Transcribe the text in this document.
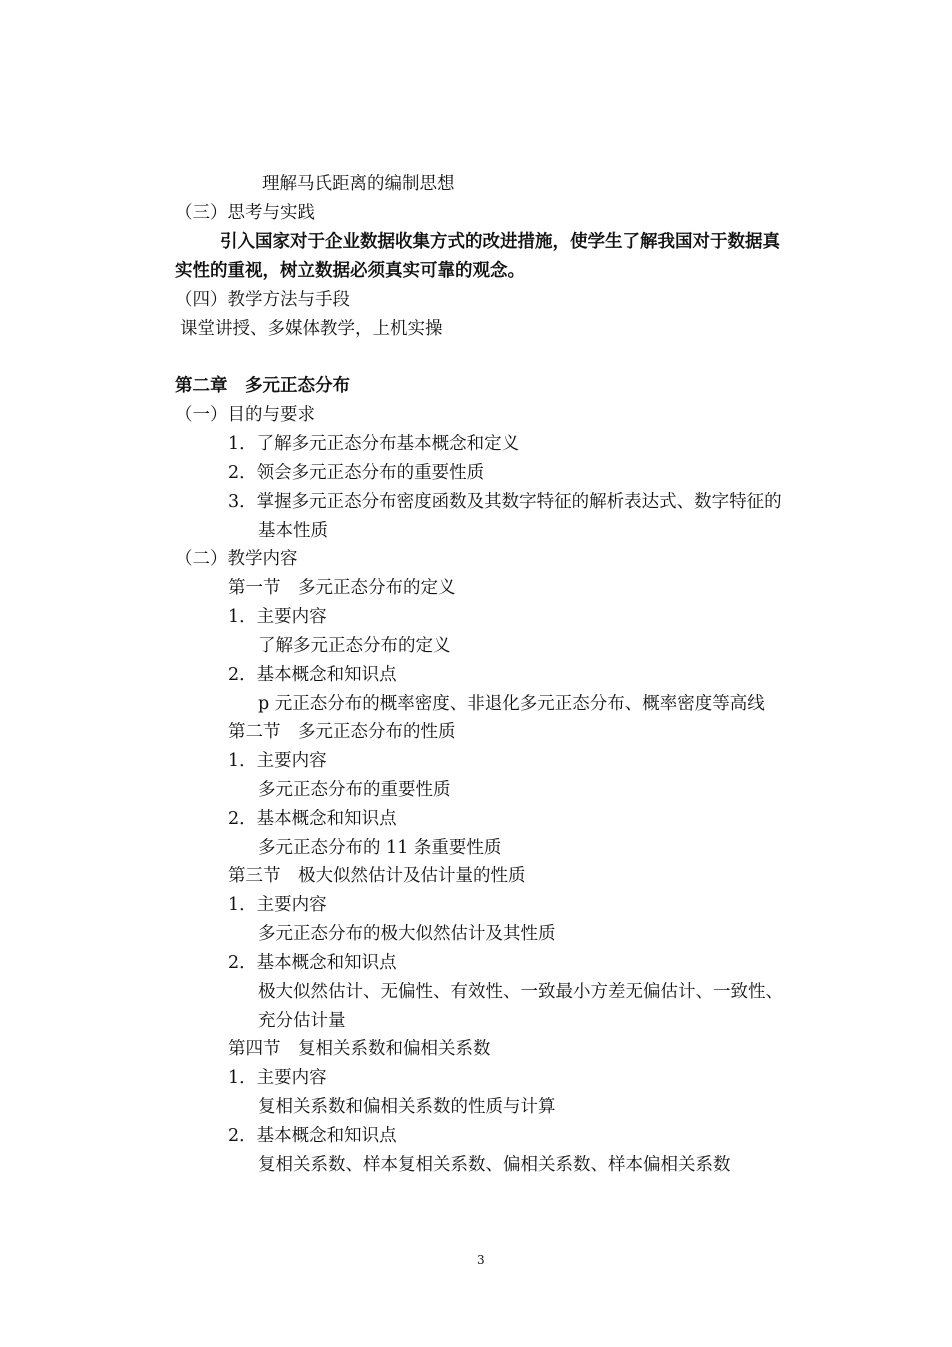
理解马氏距离的编制思想
（三）思考与实践
引入国家对于企业数据收集方式的改进措施，使学生了解我国对于数据真
实性的重视，树立数据必须真实可靠的观念。
（四）教学方法与手段
课堂讲授、多媒体教学，上机实操
第二章　多元正态分布
（一）目的与要求
1．了解多元正态分布基本概念和定义
2．领会多元正态分布的重要性质
3．掌握多元正态分布密度函数及其数字特征的解析表达式、数字特征的
基本性质
（二）教学内容
第一节　多元正态分布的定义
1．主要内容
了解多元正态分布的定义
2．基本概念和知识点
p 元正态分布的概率密度、非退化多元正态分布、概率密度等高线
第二节　多元正态分布的性质
1．主要内容
多元正态分布的重要性质
2．基本概念和知识点
多元正态分布的 11 条重要性质
第三节　极大似然估计及估计量的性质
1．主要内容
多元正态分布的极大似然估计及其性质
2．基本概念和知识点
极大似然估计、无偏性、有效性、一致最小方差无偏估计、一致性、
充分估计量
第四节　复相关系数和偏相关系数
1．主要内容
复相关系数和偏相关系数的性质与计算
2．基本概念和知识点
复相关系数、样本复相关系数、偏相关系数、样本偏相关系数
3
